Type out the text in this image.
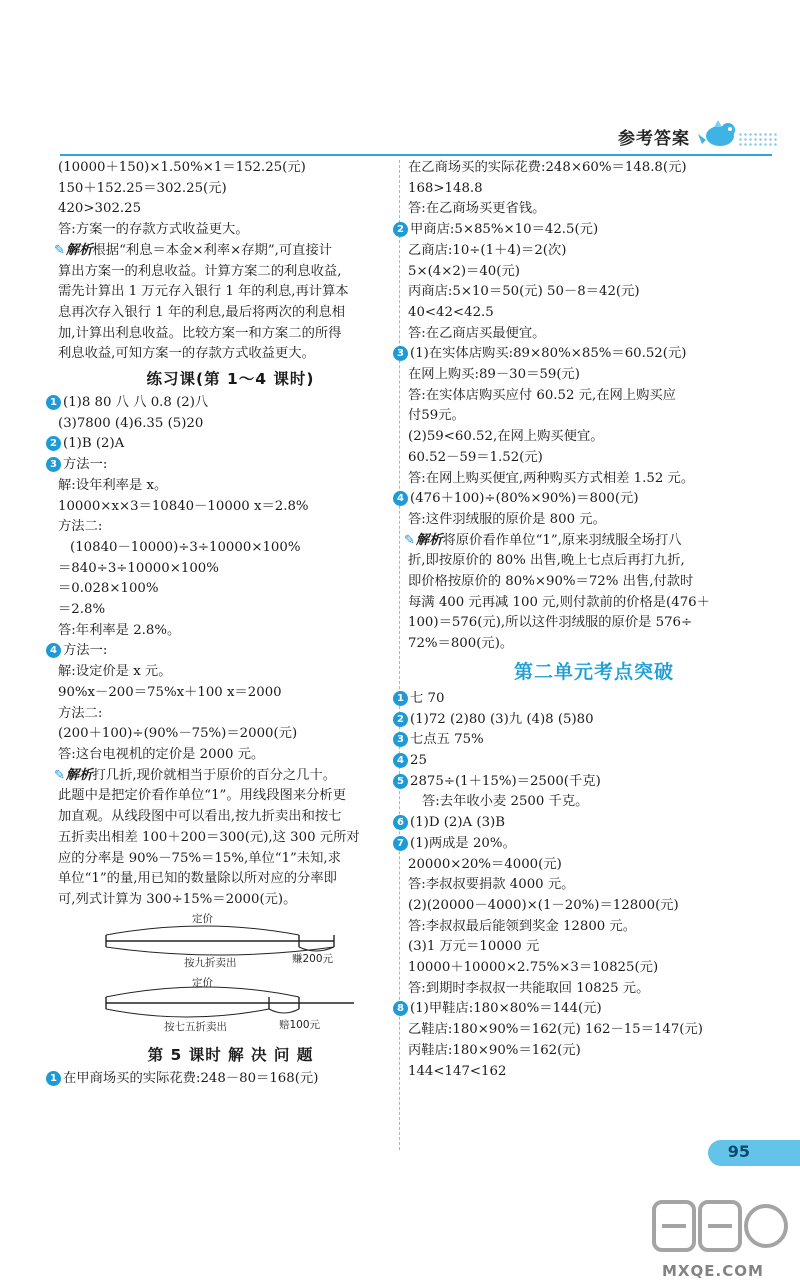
参考答案
(10000＋150)×1.50%×1＝152.25(元)
150＋152.25＝302.25(元)
420>302.25
答:方案一的存款方式收益更大。
✎解析根据“利息＝本金×利率×存期”,可直接计
算出方案一的利息收益。计算方案二的利息收益,
需先计算出 1 万元存入银行 1 年的利息,再计算本
息再次存入银行 1 年的利息,最后将两次的利息相
加,计算出利息收益。比较方案一和方案二的所得
利息收益,可知方案一的存款方式收益更大。
练习课(第 1～4 课时)
1 (1)8 80 八 八 0.8 (2)八
(3)7800 (4)6.35 (5)20
2 (1)B (2)A
3 方法一:
解:设年利率是 x。
10000×x×3＝10840－10000 x＝2.8%
方法二:
(10840－10000)÷3÷10000×100%
＝840÷3÷10000×100%
＝0.028×100%
＝2.8%
答:年利率是 2.8%。
4 方法一:
解:设定价是 x 元。
90%x－200＝75%x＋100 x＝2000
方法二:
(200＋100)÷(90%－75%)＝2000(元)
答:这台电视机的定价是 2000 元。
✎解析打几折,现价就相当于原价的百分之几十。
此题中是把定价看作单位“1”。用线段图来分析更
加直观。从线段图中可以看出,按九折卖出和按七
五折卖出相差 100＋200＝300(元),这 300 元所对
应的分率是 90%－75%＝15%,单位“1”未知,求
单位“1”的量,用已知的数量除以所对应的分率即
可,列式计算为 300÷15%＝2000(元)。
定价
按九折卖出	赚200元
定价
按七五折卖出	赔100元
第 5 课时 解 决 问 题
1 在甲商场买的实际花费:248－80＝168(元)
在乙商场买的实际花费:248×60%＝148.8(元)
168>148.8
答:在乙商场买更省钱。
2 甲商店:5×85%×10＝42.5(元)
乙商店:10÷(1＋4)＝2(次)
5×(4×2)＝40(元)
丙商店:5×10＝50(元) 50－8＝42(元)
40<42<42.5
答:在乙商店买最便宜。
3 (1)在实体店购买:89×80%×85%＝60.52(元)
在网上购买:89－30＝59(元)
答:在实体店购买应付 60.52 元,在网上购买应
付59元。
(2)59<60.52,在网上购买便宜。
60.52－59＝1.52(元)
答:在网上购买便宜,两种购买方式相差 1.52 元。
4 (476＋100)÷(80%×90%)＝800(元)
答:这件羽绒服的原价是 800 元。
✎解析将原价看作单位“1”,原来羽绒服全场打八
折,即按原价的 80% 出售,晚上七点后再打九折,
即价格按原价的 80%×90%＝72% 出售,付款时
每满 400 元再减 100 元,则付款前的价格是(476＋
100)＝576(元),所以这件羽绒服的原价是 576÷
72%＝800(元)。
第二单元考点突破
1 七 70
2 (1)72 (2)80 (3)九 (4)8 (5)80
3 七点五 75%
4 25
5 2875÷(1＋15%)＝2500(千克)
答:去年收小麦 2500 千克。
6 (1)D (2)A (3)B
7 (1)两成是 20%。
20000×20%＝4000(元)
答:李叔叔要捐款 4000 元。
(2)(20000－4000)×(1－20%)＝12800(元)
答:李叔叔最后能领到奖金 12800 元。
(3)1 万元＝10000 元
10000＋10000×2.75%×3＝10825(元)
答:到期时李叔叔一共能取回 10825 元。
8 (1)甲鞋店:180×80%＝144(元)
乙鞋店:180×90%＝162(元) 162－15＝147(元)
丙鞋店:180×90%＝162(元)
144<147<162
95
MXQE.COM
